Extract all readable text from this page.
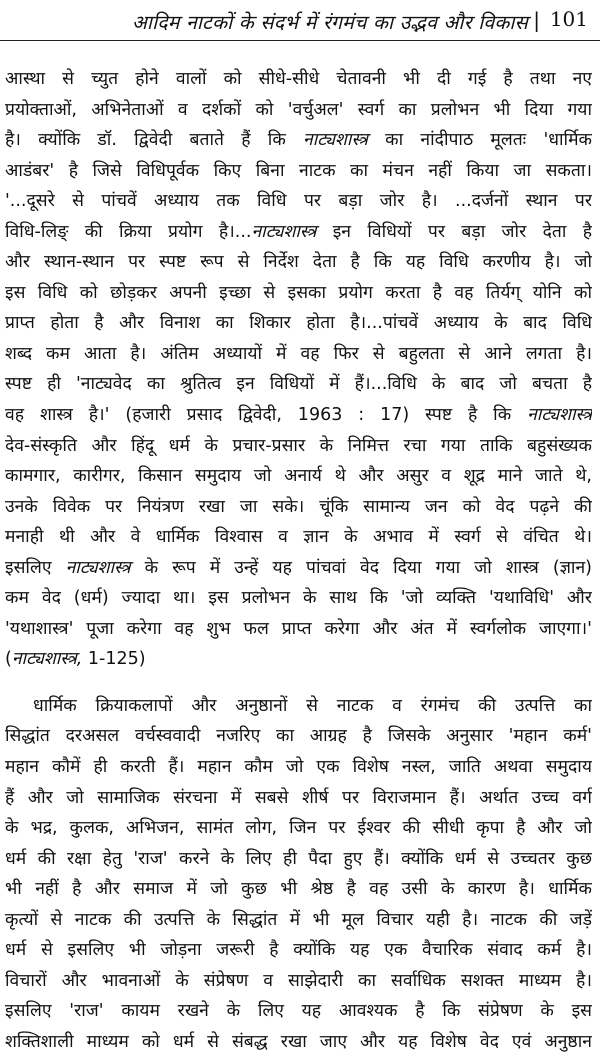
आदिम नाटकों के संदर्भ में रंगमंच का उद्भव और विकास | 101
आस्था से च्युत होने वालों को सीधे-सीधे चेतावनी भी दी गई है तथा नए
प्रयोक्ताओं, अभिनेताओं व दर्शकों को 'वर्चुअल' स्वर्ग का प्रलोभन भी दिया गया
है। क्योंकि डॉ. द्विवेदी बताते हैं कि नाट्यशास्त्र का नांदीपाठ मूलतः 'धार्मिक
आडंबर' है जिसे विधिपूर्वक किए बिना नाटक का मंचन नहीं किया जा सकता।
'...दूसरे से पांचवें अध्याय तक विधि पर बड़ा जोर है। ...दर्जनों स्थान पर
विधि-लिङ् की क्रिया प्रयोग है।...नाट्यशास्त्र इन विधियों पर बड़ा जोर देता है
और स्थान-स्थान पर स्पष्ट रूप से निर्देश देता है कि यह विधि करणीय है। जो
इस विधि को छोड़कर अपनी इच्छा से इसका प्रयोग करता है वह तिर्यग् योनि को
प्राप्त होता है और विनाश का शिकार होता है।...पांचवें अध्याय के बाद विधि
शब्द कम आता है। अंतिम अध्यायों में वह फिर से बहुलता से आने लगता है।
स्पष्ट ही 'नाट्यवेद का श्रुतित्व इन विधियों में हैं।...विधि के बाद जो बचता है
वह शास्त्र है।' (हजारी प्रसाद द्विवेदी, 1963 : 17) स्पष्ट है कि नाट्यशास्त्र
देव-संस्कृति और हिंदू धर्म के प्रचार-प्रसार के निमित्त रचा गया ताकि बहुसंख्यक
कामगार, कारीगर, किसान समुदाय जो अनार्य थे और असुर व शूद्र माने जाते थे,
उनके विवेक पर नियंत्रण रखा जा सके। चूंकि सामान्य जन को वेद पढ़ने की
मनाही थी और वे धार्मिक विश्वास व ज्ञान के अभाव में स्वर्ग से वंचित थे।
इसलिए नाट्यशास्त्र के रूप में उन्हें यह पांचवां वेद दिया गया जो शास्त्र (ज्ञान)
कम वेद (धर्म) ज्यादा था। इस प्रलोभन के साथ कि 'जो व्यक्ति 'यथाविधि' और
'यथाशास्त्र' पूजा करेगा वह शुभ फल प्राप्त करेगा और अंत में स्वर्गलोक जाएगा।'
(नाट्यशास्त्र, 1-125)
धार्मिक क्रियाकलापों और अनुष्ठानों से नाटक व रंगमंच की उत्पत्ति का
सिद्धांत दरअसल वर्चस्ववादी नजरिए का आग्रह है जिसके अनुसार 'महान कर्म'
महान कौमें ही करती हैं। महान कौम जो एक विशेष नस्ल, जाति अथवा समुदाय
हैं और जो सामाजिक संरचना में सबसे शीर्ष पर विराजमान हैं। अर्थात उच्च वर्ग
के भद्र, कुलक, अभिजन, सामंत लोग, जिन पर ईश्वर की सीधी कृपा है और जो
धर्म की रक्षा हेतु 'राज' करने के लिए ही पैदा हुए हैं। क्योंकि धर्म से उच्चतर कुछ
भी नहीं है और समाज में जो कुछ भी श्रेष्ठ है वह उसी के कारण है। धार्मिक
कृत्यों से नाटक की उत्पत्ति के सिद्धांत में भी मूल विचार यही है। नाटक की जड़ें
धर्म से इसलिए भी जोड़ना जरूरी है क्योंकि यह एक वैचारिक संवाद कर्म है।
विचारों और भावनाओं के संप्रेषण व साझेदारी का सर्वाधिक सशक्त माध्यम है।
इसलिए 'राज' कायम रखने के लिए यह आवश्यक है कि संप्रेषण के इस
शक्तिशाली माध्यम को धर्म से संबद्ध रखा जाए और यह विशेष वेद एवं अनुष्ठान
